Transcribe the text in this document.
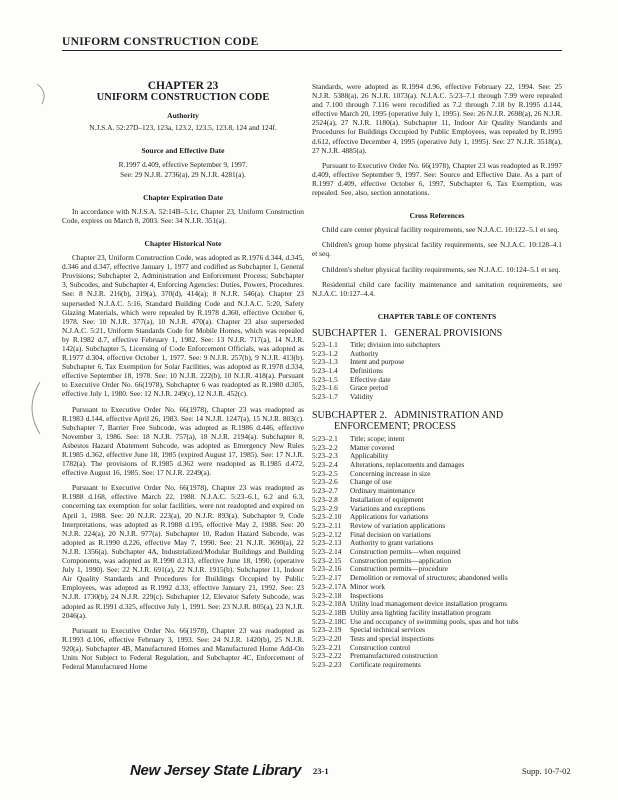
UNIFORM CONSTRUCTION CODE
CHAPTER 23
UNIFORM CONSTRUCTION CODE
Authority

N.J.S.A. 52:27D–123, 123a, 123.2, 123.5, 123.8, 124 and 124f.

Source and Effective Date

R.1997 d.409, effective September 9, 1997.

See: 29 N.J.R. 2736(a), 29 N.J.R. 4281(a).

Chapter Expiration Date

In accordance with N.J.S.A. 52:14B–5.1c, Chapter 23, Uniform Construction Code, expires on March 8, 2003. See: 34 N.J.R. 351(a).

Chapter Historical Note

Chapter 23, Uniform Construction Code, was adopted as R.1976 d.344, d.345, d.346 and d.347, effective January 1, 1977 and codified as Subchapter 1, General Provisions; Subchapter 2, Administration and Enforcement Process; Subchapter 3, Subcodes, and Subchapter 4, Enforcing Agencies: Duties, Powers, Procedures. See: 8 N.J.R. 216(b), 319(a), 370(d), 414(a); 8 N.J.R. 546(a). Chapter 23 superseded N.J.A.C. 5:16, Standard Building Code and N.J.A.C. 5:20, Safety Glazing Materials, which were repealed by R.1978 d.360, effective October 6, 1978. See: 10 N.J.R. 377(a), 10 N.J.R. 470(a). Chapter 23 also superseded N.J.A.C. 5:21, Uniform Standards Code for Mobile Homes, which was repealed by R.1982 d.7, effective February 1, 1982. See: 13 N.J.R. 717(a), 14 N.J.R. 142(a). Subchapter 5, Licensing of Code Enforcement Officials, was adopted as R.1977 d.304, effective October 1, 1977. See: 9 N.J.R. 257(b), 9 N.J.R. 413(b). Subchapter 6, Tax Exemption for Solar Facilities, was adopted as R.1978 d.334, effective September 18, 1978. See: 10 N.J.R. 222(b), 10 N.J.R. 418(a). Pursuant to Executive Order No. 66(1978), Subchapter 6 was readopted as R.1980 d.305, effective July 1, 1980. See: 12 N.J.R. 249(c), 12 N.J.R. 452(c).

Pursuant to Executive Order No. 66(1978), Chapter 23 was readopted as R.1983 d.144, effective April 26, 1983. See: 14 N.J.R. 1247(a), 15 N.J.R. 803(c). Subchapter 7, Barrier Free Subcode, was adopted as R.1986 d.446, effective November 3, 1986. See: 18 N.J.R. 757(a), 18 N.J.R. 2194(a). Subchapter 8, Asbestos Hazard Abatement Subcode, was adopted as Emergency New Rules R.1985 d.362, effective June 18, 1985 (expired August 17, 1985). See: 17 N.J.R. 1782(a). The provisions of R.1985 d.362 were readopted as R.1985 d.472, effective August 16, 1985. See: 17 N.J.R. 2249(a).

Pursuant to Executive Order No. 66(1978), Chapter 23 was readopted as R.1988 d.168, effective March 22, 1988. N.J.A.C. 5:23–6.1, 6.2 and 6.3, concerning tax exemption for solar facilities, were not readopted and expired on April 1, 1988. See: 20 N.J.R. 223(a), 20 N.J.R. 893(a). Subchapter 9, Code Interpretations, was adopted as R.1988 d.195, effective May 2, 1988. See: 20 N.J.R. 224(a), 20 N.J.R. 977(a). Subchapter 10, Radon Hazard Subcode, was adopted as R.1990 d.226, effective May 7, 1990. See: 21 N.J.R. 3690(a), 22 N.J.R. 1356(a). Subchapter 4A, Industrialized/Modular Buildings and Building Components, was adopted as R.1990 d.313, effective June 18, 1990, (operative July 1, 1990). See: 22 N.J.R. 691(a), 22 N.J.R. 1915(b). Subchapter 11, Indoor Air Quality Standards and Procedures for Buildings Occupied by Public Employees, was adopted as R.1992 d.33, effective January 21, 1992. See: 23 N.J.R. 1730(b), 24 N.J.R. 229(c). Subchapter 12, Elevator Safety Subcode, was adopted as R.1991 d.325, effective July 1, 1991. See: 23 N.J.R. 805(a), 23 N.J.R. 2046(a).

Pursuant to Executive Order No. 66(1978), Chapter 23 was readopted as R.1993 d.106, effective February 3, 1993. See: 24 N.J.R. 1420(b), 25 N.J.R. 920(a). Subchapter 4B, Manufactured Homes and Manufactured Home Add-On Units Not Subject to Federal Regulation, and Subchapter 4C, Enforcement of Federal Manufactured Home

Standards, were adopted as R.1994 d.96, effective February 22, 1994. See: 25 N.J.R. 5388(a), 26 N.J.R. 1073(a). N.J.A.C. 5:23–7.1 through 7.99 were repealed and 7.100 through 7.116 were recodified as 7.2 through 7.18 by R.1995 d.144, effective March 20, 1995 (operative July 1, 1995). See: 26 N.J.R. 2698(a), 26 N.J.R. 2524(a), 27 N.J.R. 1180(a). Subchapter 11, Indoor Air Quality Standards and Procedures for Buildings Occupied by Public Employees, was repealed by R.1995 d.612, effective December 4, 1995 (operative July 1, 1995). See: 27 N.J.R. 3518(a), 27 N.J.R. 4885(a).

Pursuant to Executive Order No. 66(1978), Chapter 23 was readopted as R.1997 d.409, effective September 9, 1997. See: Source and Effective Date. As a part of R.1997 d.409, effective October 6, 1997, Subchapter 6, Tax Exemption, was repealed. See, also, section annotations.

Cross References

Child care center physical facility requirements, see N.J.A.C. 10:122–5.1 et seq.

Children's group home physical facility requirements, see N.J.A.C. 10:128–4.1 et seq.

Children's shelter physical facility requirements, see N.J.A.C. 10:124–5.1 et seq.

Residential child care facility maintenance and sanitation requirements, see N.J.A.C. 10:127–4.4.

CHAPTER TABLE OF CONTENTS
SUBCHAPTER 1.   GENERAL PROVISIONS
5:23–1.1	Title; division into subchapters
5:23–1.2	Authority
5:23–1.3	Intent and purpose
5:23–1.4	Definitions
5:23–1.5	Effective date
5:23–1.6	Grace period
5:23–1.7	Validity
SUBCHAPTER 2.   ADMINISTRATION AND
ENFORCEMENT; PROCESS
5:23–2.1	Title; scope; intent
5:23–2.2	Matter covered
5:23–2.3	Applicability
5:23–2.4	Alterations, replacements and damages
5:23–2.5	Concerning increase in size
5:23–2.6	Change of use
5:23–2.7	Ordinary maintenance
5:23–2.8	Installation of equipment
5:23–2.9	Variations and exceptions
5:23–2.10	Applications for variations
5:23–2.11	Review of variation applications
5:23–2.12	Final decision on variations
5:23–2.13	Authority to grant variations
5:23–2.14	Construction permits—when required
5:23–2.15	Construction permits—application
5:23–2.16	Construction permits—procedure
5:23–2.17	Demolition or removal of structures; abandoned wells
5:23–2.17A	Minor work
5:23–2.18	Inspections
5:23–2.18A	Utility load management device installation programs
5:23–2.18B	Utility area lighting facility installation program
5:23–2.18C	Use and occupancy of swimming pools, spas and hot tubs
5:23–2.19	Special technical services
5:23–2.20	Tests and special inspections
5:23–2.21	Construction control
5:23–2.22	Premanufactured construction
5:23–2.23	Certificate requirements
New Jersey State Library 23-1	Supp. 10-7-02
